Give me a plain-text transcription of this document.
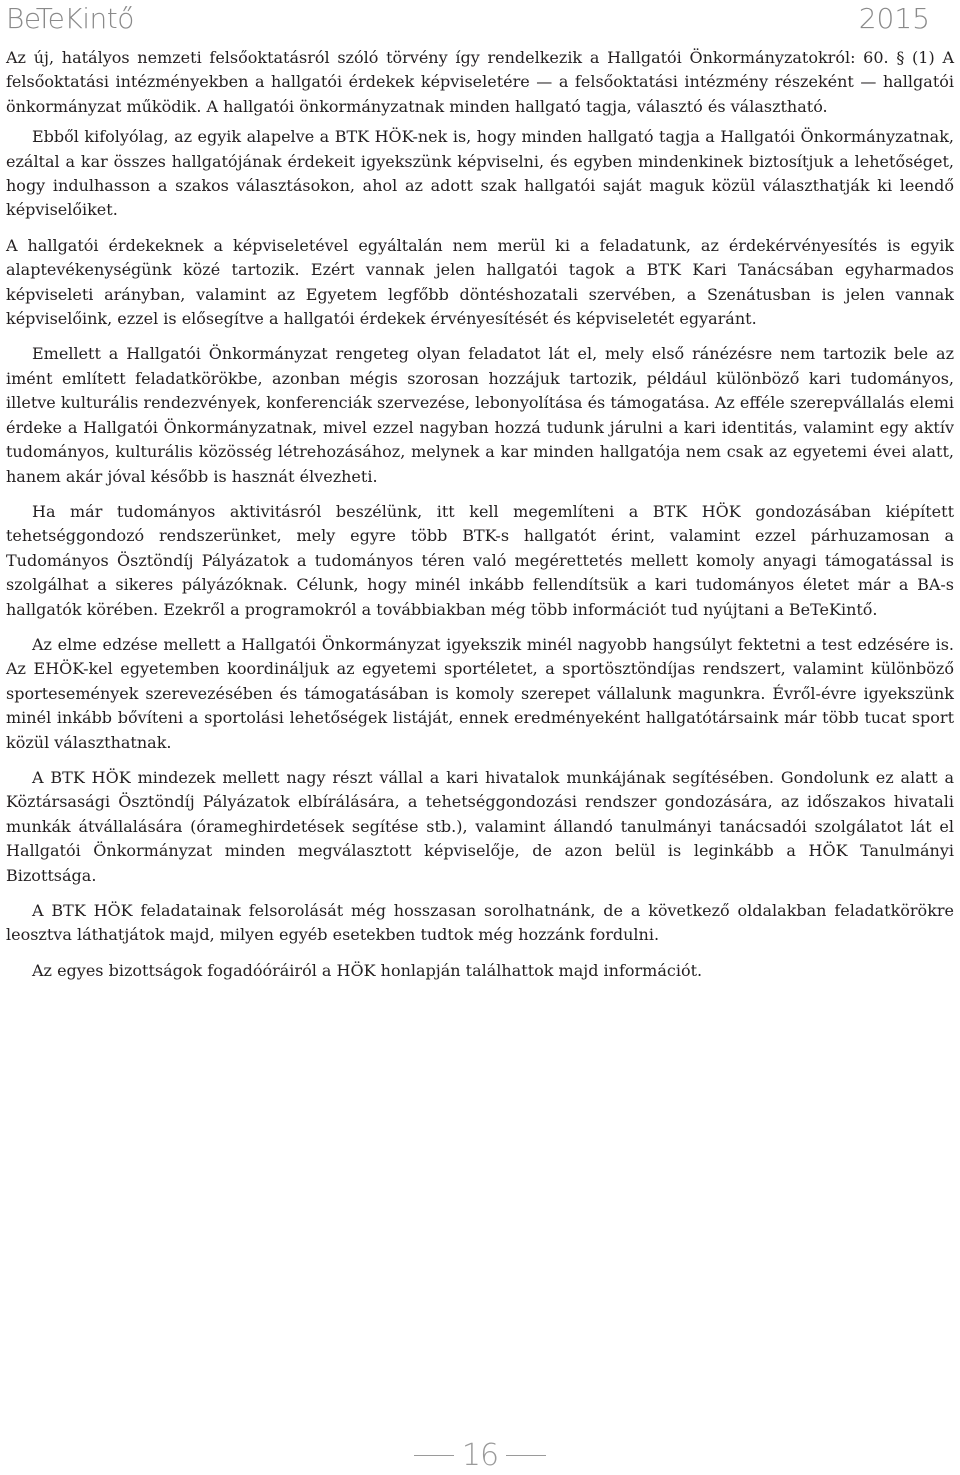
BeTeKintő	2015

Az új, hatályos nemzeti felsőoktatásról szóló törvény így rendelkezik a Hallgatói Önkormányzatokról: 60. § (1) A felsőoktatási intézményekben a hallgatói érdekek képviseletére — a felsőoktatási intézmény részeként — hallgatói önkormányzat működik. A hallgatói önkormányzatnak minden hallgató tagja, választó és választható.

Ebből kifolyólag, az egyik alapelve a BTK HÖK-nek is, hogy minden hallgató tagja a Hallgatói Önkormányzatnak, ezáltal a kar összes hallgatójának érdekeit igyekszünk képviselni, és egyben mindenkinek biztosítjuk a lehetőséget, hogy indulhasson a szakos választásokon, ahol az adott szak hallgatói saját maguk közül választhatják ki leendő képviselőiket.

A hallgatói érdekeknek a képviseletével egyáltalán nem merül ki a feladatunk, az érdekérvényesítés is egyik alaptevékenységünk közé tartozik. Ezért vannak jelen hallgatói tagok a BTK Kari Tanácsában egyharmados képviseleti arányban, valamint az Egyetem legfőbb döntéshozatali szervében, a Szenátusban is jelen vannak képviselőink, ezzel is elősegítve a hallgatói érdekek érvényesítését és képviseletét egyaránt.

Emellett a Hallgatói Önkormányzat rengeteg olyan feladatot lát el, mely első ránézésre nem tartozik bele az imént említett feladatkörökbe, azonban mégis szorosan hozzájuk tartozik, például különböző kari tudományos, illetve kulturális rendezvények, konferenciák szervezése, lebonyolítása és támogatása. Az efféle szerepvállalás elemi érdeke a Hallgatói Önkormányzatnak, mivel ezzel nagyban hozzá tudunk járulni a kari identitás, valamint egy aktív tudományos, kulturális közösség létrehozásához, melynek a kar minden hallgatója nem csak az egyetemi évei alatt, hanem akár jóval később is hasznát élvezheti.

Ha már tudományos aktivitásról beszélünk, itt kell megemlíteni a BTK HÖK gondozásában kiépített tehetséggondozó rendszerünket, mely egyre több BTK-s hallgatót érint, valamint ezzel párhuzamosan a Tudományos Ösztöndíj Pályázatok a tudományos téren való megérettetés mellett komoly anyagi támogatással is szolgálhat a sikeres pályázóknak. Célunk, hogy minél inkább fellendítsük a kari tudományos életet már a BA-s hallgatók körében. Ezekről a programokról a továbbiakban még több információt tud nyújtani a BeTeKintő.

Az elme edzése mellett a Hallgatói Önkormányzat igyekszik minél nagyobb hangsúlyt fektetni a test edzésére is. Az EHÖK-kel egyetemben koordináljuk az egyetemi sportéletet, a sportösztöndíjas rendszert, valamint különböző sportesemények szerevezésében és támogatásában is komoly szerepet vállalunk magunkra. Évről-évre igyekszünk minél inkább bővíteni a sportolási lehetőségek listáját, ennek eredményeként hallgatótársaink már több tucat sport közül választhatnak.

A BTK HÖK mindezek mellett nagy részt vállal a kari hivatalok munkájának segítésében. Gondolunk ez alatt a Köztársasági Ösztöndíj Pályázatok elbírálására, a tehetséggondozási rendszer gondozására, az időszakos hivatali munkák átvállalására (órameghirdetések segítése stb.), valamint állandó tanulmányi tanácsadói szolgálatot lát el Hallgatói Önkormányzat minden megválasztott képviselője, de azon belül is leginkább a HÖK Tanulmányi Bizottsága.

A BTK HÖK feladatainak felsorolását még hosszasan sorolhatnánk, de a következő oldalakban feladatkörökre leosztva láthatjátok majd, milyen egyéb esetekben tudtok még hozzánk fordulni.

Az egyes bizottságok fogadóóráiról a HÖK honlapján találhattok majd információt.

16
